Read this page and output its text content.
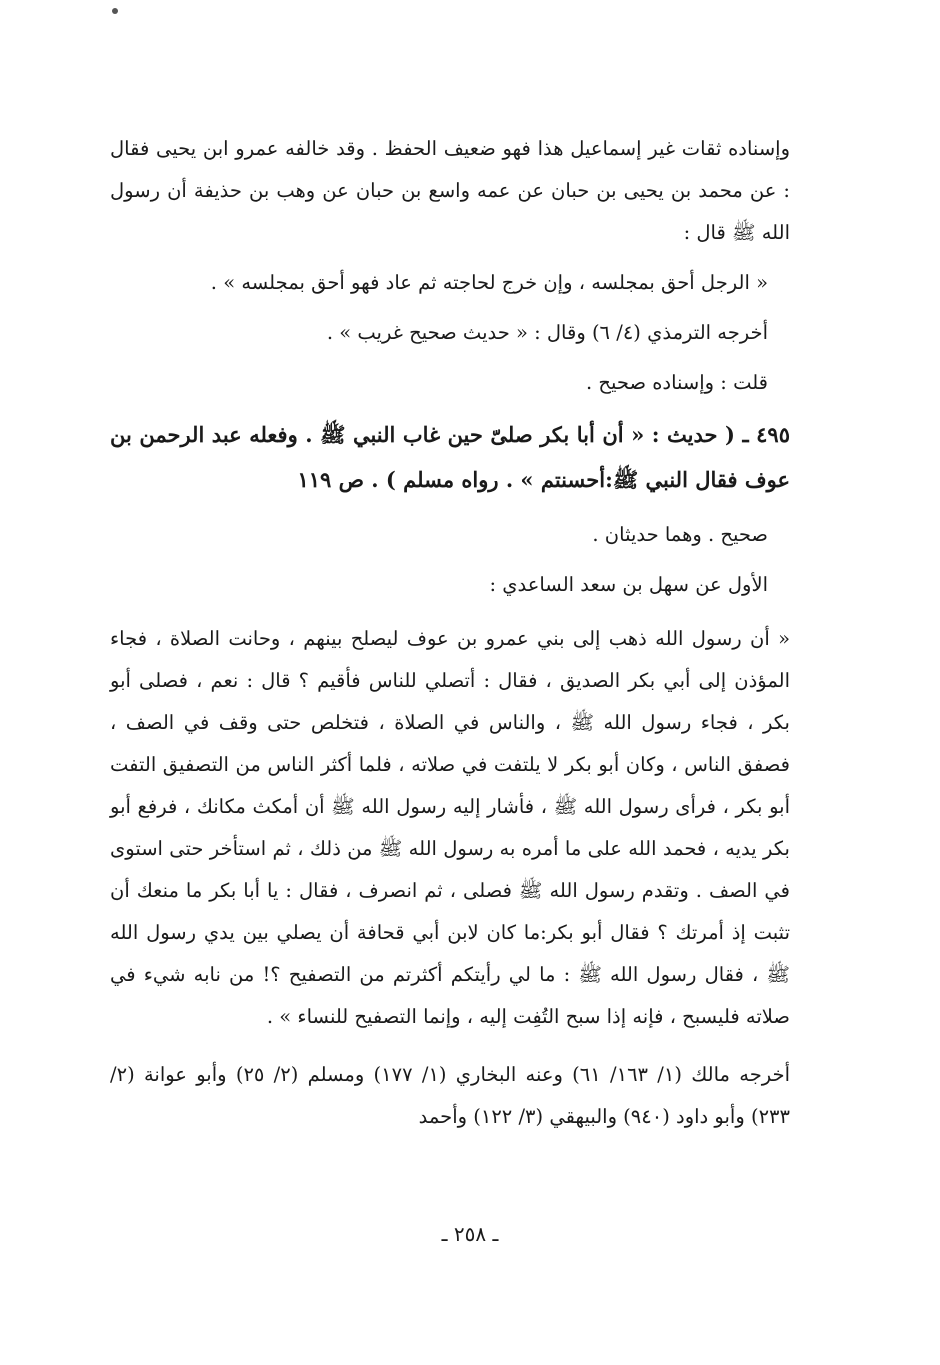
وإسناده ثقات غير إسماعيل هذا فهو ضعيف الحفظ . وقد خالفه عمرو ابن يحيى فقال : عن محمد بن يحيى بن حبان عن عمه واسع بن حبان عن وهب بن حذيفة أن رسول الله ﷺ قال :

« الرجل أحق بمجلسه ، وإن خرج لحاجته ثم عاد فهو أحق بمجلسه » .

أخرجه الترمذي (٤/ ٦) وقال : « حديث صحيح غريب » .

قلت : وإسناده صحيح .

٤٩٥ ـ ( حديث : « أن أبا بكر صلىّ حين غاب النبي ﷺ . وفعله عبد الرحمن بن عوف فقال النبي ﷺ:أحسنتم » . رواه مسلم ) . ص ١١٩

صحيح . وهما حديثان .

الأول عن سهل بن سعد الساعدي :

« أن رسول الله ذهب إلى بني عمرو بن عوف ليصلح بينهم ، وحانت الصلاة ، فجاء المؤذن إلى أبي بكر الصديق ، فقال : أتصلي للناس فأقيم ؟ قال : نعم ، فصلى أبو بكر ، فجاء رسول الله ﷺ ، والناس في الصلاة ، فتخلص حتى وقف في الصف ، فصفق الناس ، وكان أبو بكر لا يلتفت في صلاته ، فلما أكثر الناس من التصفيق التفت أبو بكر ، فرأى رسول الله ﷺ ، فأشار إليه رسول الله ﷺ أن أمكث مكانك ، فرفع أبو بكر يديه ، فحمد الله على ما أمره به رسول الله ﷺ من ذلك ، ثم استأخر حتى استوى في الصف . وتقدم رسول الله ﷺ فصلى ، ثم انصرف ، فقال : يا أبا بكر ما منعك أن تثبت إذ أمرتك ؟ فقال أبو بكر:ما كان لابن أبي قحافة أن يصلي بين يدي رسول الله ﷺ ، فقال رسول الله ﷺ : ما لي رأيتكم أكثرتم من التصفيح ؟! من نابه شيء في صلاته فليسبح ، فإنه إذا سبح التُفِت إليه ، وإنما التصفيح للنساء » .

أخرجه مالك (١/ ١٦٣/ ٦١) وعنه البخاري (١/ ١٧٧) ومسلم (٢/ ٢٥) وأبو عوانة (٢/ ٢٣٣) وأبو داود (٩٤٠) والبيهقي (٣/ ١٢٢) وأحمد

ـ ٢٥٨ ـ
